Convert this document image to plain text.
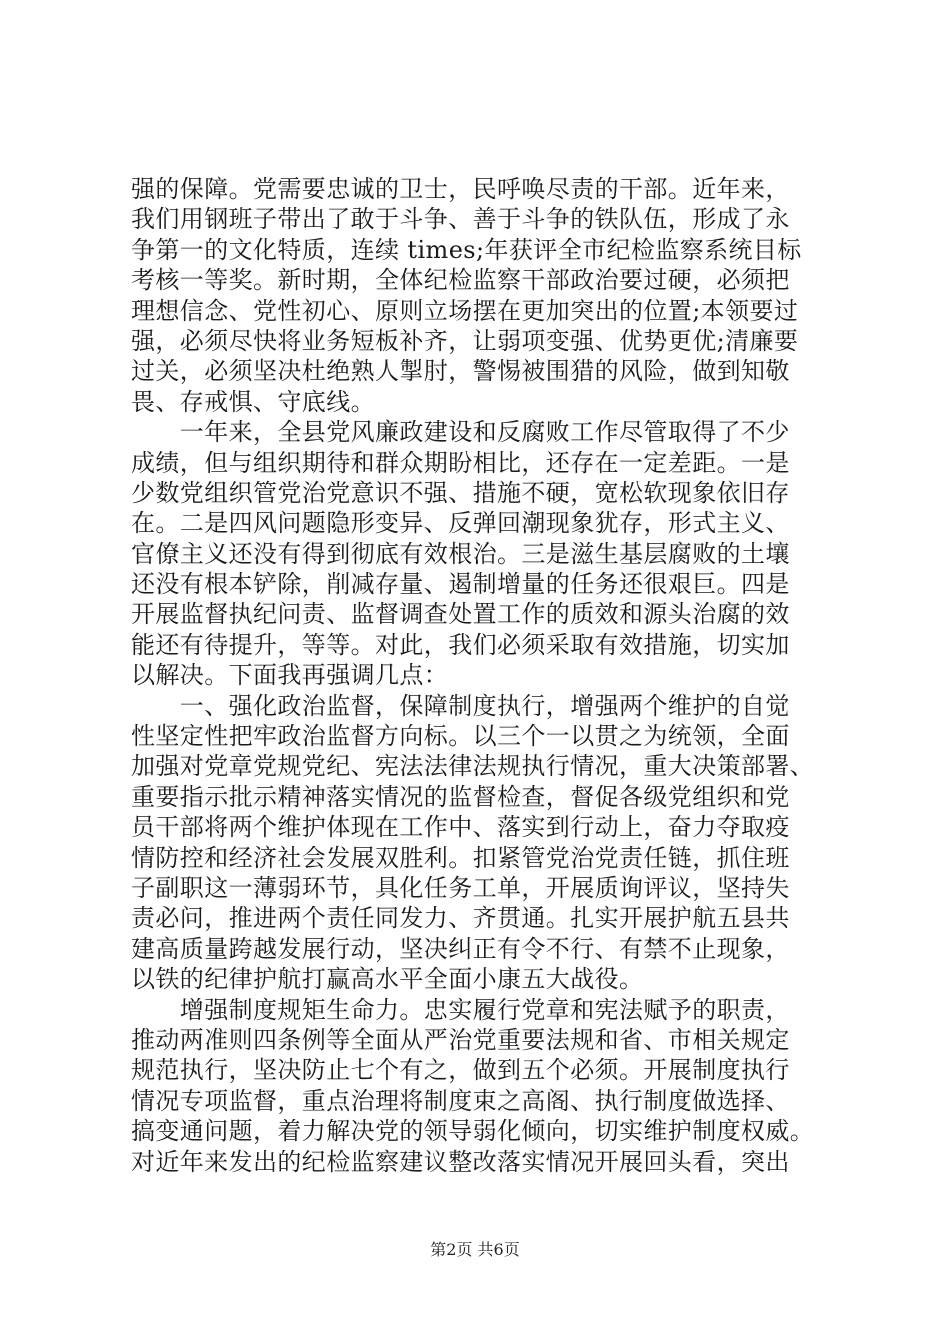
强的保障。党需要忠诚的卫士，民呼唤尽责的干部。近年来，
我们用钢班子带出了敢于斗争、善于斗争的铁队伍，形成了永
争第一的文化特质，连续 times;年获评全市纪检监察系统目标
考核一等奖。新时期，全体纪检监察干部政治要过硬，必须把
理想信念、党性初心、原则立场摆在更加突出的位置;本领要过
强，必须尽快将业务短板补齐，让弱项变强、优势更优;清廉要
过关，必须坚决杜绝熟人掣肘，警惕被围猎的风险，做到知敬
畏、存戒惧、守底线。
　　一年来，全县党风廉政建设和反腐败工作尽管取得了不少
成绩，但与组织期待和群众期盼相比，还存在一定差距。一是
少数党组织管党治党意识不强、措施不硬，宽松软现象依旧存
在。二是四风问题隐形变异、反弹回潮现象犹存，形式主义、
官僚主义还没有得到彻底有效根治。三是滋生基层腐败的土壤
还没有根本铲除，削减存量、遏制增量的任务还很艰巨。四是
开展监督执纪问责、监督调查处置工作的质效和源头治腐的效
能还有待提升，等等。对此，我们必须采取有效措施，切实加
以解决。下面我再强调几点：
　　一、强化政治监督，保障制度执行，增强两个维护的自觉
性坚定性把牢政治监督方向标。以三个一以贯之为统领，全面
加强对党章党规党纪、宪法法律法规执行情况，重大决策部署、
重要指示批示精神落实情况的监督检查，督促各级党组织和党
员干部将两个维护体现在工作中、落实到行动上，奋力夺取疫
情防控和经济社会发展双胜利。扣紧管党治党责任链，抓住班
子副职这一薄弱环节，具化任务工单，开展质询评议，坚持失
责必问，推进两个责任同发力、齐贯通。扎实开展护航五县共
建高质量跨越发展行动，坚决纠正有令不行、有禁不止现象，
以铁的纪律护航打赢高水平全面小康五大战役。
　　增强制度规矩生命力。忠实履行党章和宪法赋予的职责，
推动两准则四条例等全面从严治党重要法规和省、市相关规定
规范执行，坚决防止七个有之，做到五个必须。开展制度执行
情况专项监督，重点治理将制度束之高阁、执行制度做选择、
搞变通问题，着力解决党的领导弱化倾向，切实维护制度权威。
对近年来发出的纪检监察建议整改落实情况开展回头看，突出
第2页 共6页
